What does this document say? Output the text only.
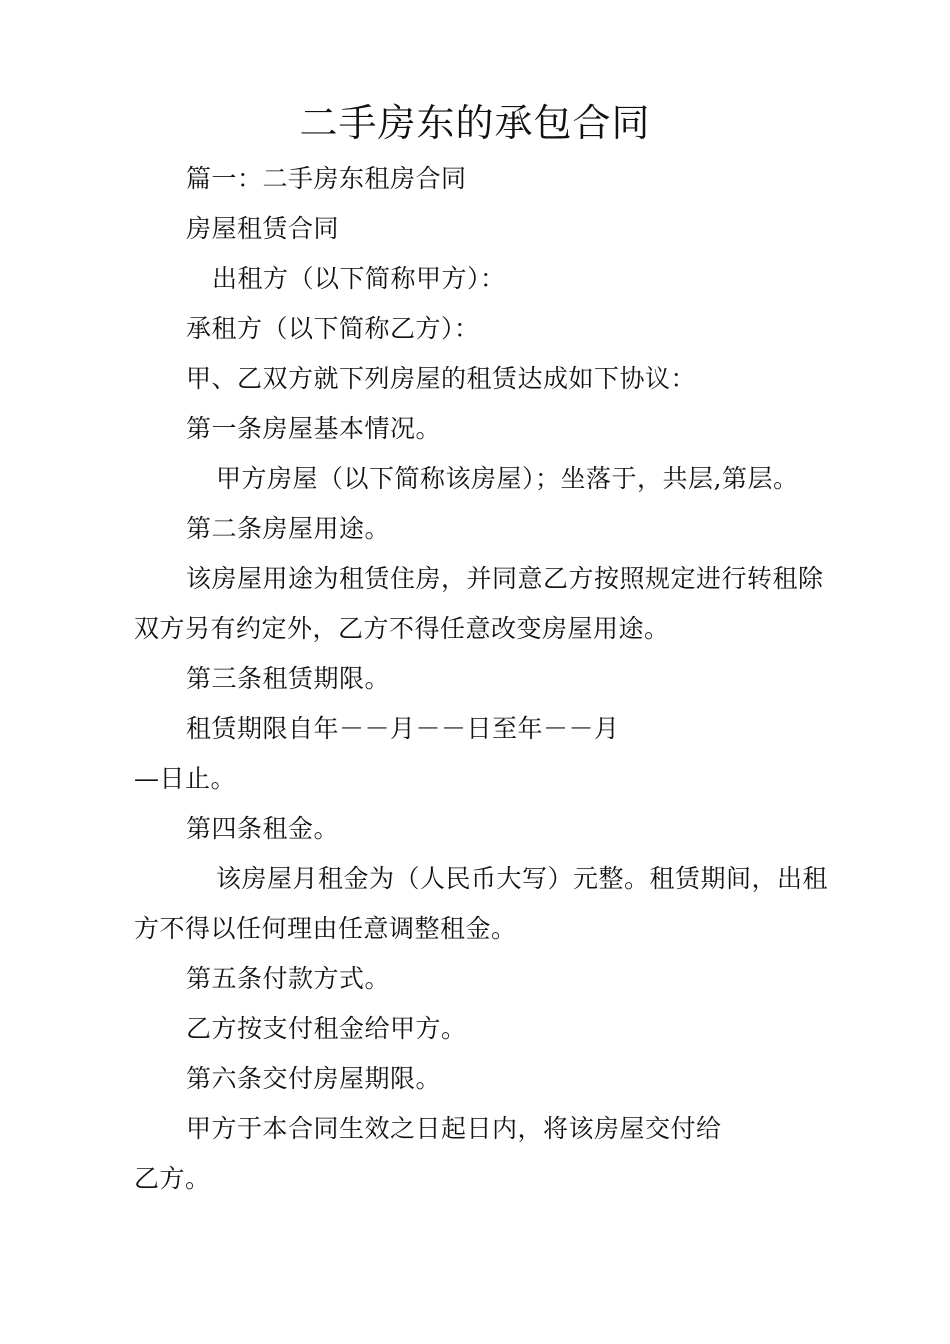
二手房东的承包合同
篇一：二手房东租房合同
房屋租赁合同
出租方（以下简称甲方）：
承租方（以下简称乙方）：
甲、乙双方就下列房屋的租赁达成如下协议：
第一条房屋基本情况。
甲方房屋（以下简称该房屋）；坐落于，共层,第层。
第二条房屋用途。
该房屋用途为租赁住房，并同意乙方按照规定进行转租除
双方另有约定外，乙方不得任意改变房屋用途。
第三条租赁期限。
租赁期限自年－－月－－日至年－－月
—日止。
第四条租金。
该房屋月租金为（人民币大写）元整。租赁期间，出租
方不得以任何理由任意调整租金。
第五条付款方式。
乙方按支付租金给甲方。
第六条交付房屋期限。
甲方于本合同生效之日起日内，将该房屋交付给
乙方。
